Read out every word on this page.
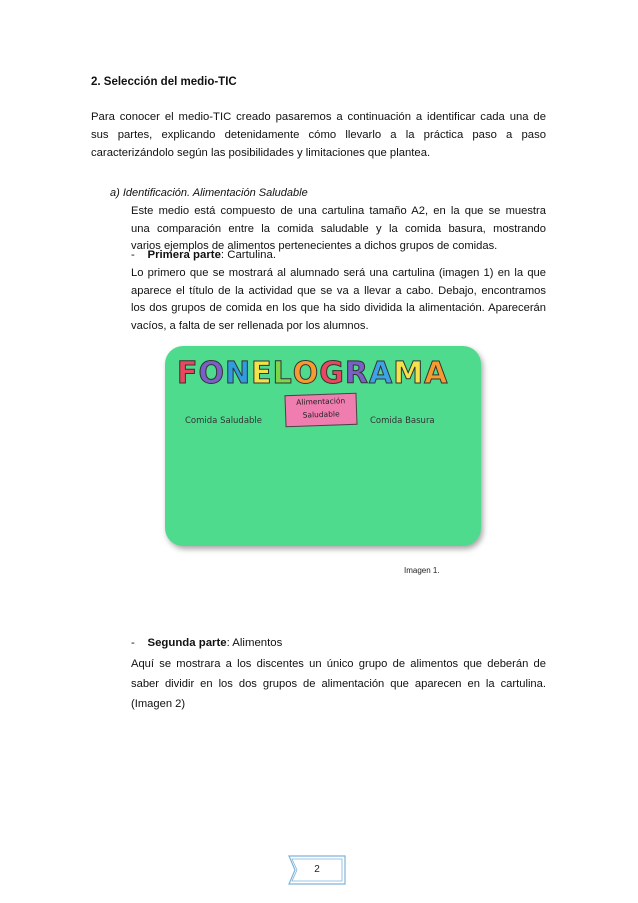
2. Selección del medio-TIC
Para conocer el medio-TIC creado pasaremos a continuación a identificar cada una de
sus partes, explicando detenidamente cómo llevarlo a la práctica paso a paso
caracterizándolo según las posibilidades y limitaciones que plantea.
a) Identificación. Alimentación Saludable
Este medio está compuesto de una cartulina tamaño A2, en la que se muestra
una comparación entre la comida saludable y la comida basura, mostrando
varios ejemplos de alimentos pertenecientes a dichos grupos de comidas.
- Primera parte: Cartulina.
Lo primero que se mostrará al alumnado será una cartulina (imagen 1) en la que
aparece el título de la actividad que se va a llevar a cabo. Debajo, encontramos
los dos grupos de comida en los que ha sido dividida la alimentación. Aparecerán
vacíos, a falta de ser rellenada por los alumnos.
F O N E L O G R A M A
Alimentación
Saludable
Comida Saludable	Comida Basura
Imagen 1.
- Segunda parte: Alimentos
Aquí se mostrara a los discentes un único grupo de alimentos que deberán de
saber dividir en los dos grupos de alimentación que aparecen en la cartulina.
(Imagen 2)
2
